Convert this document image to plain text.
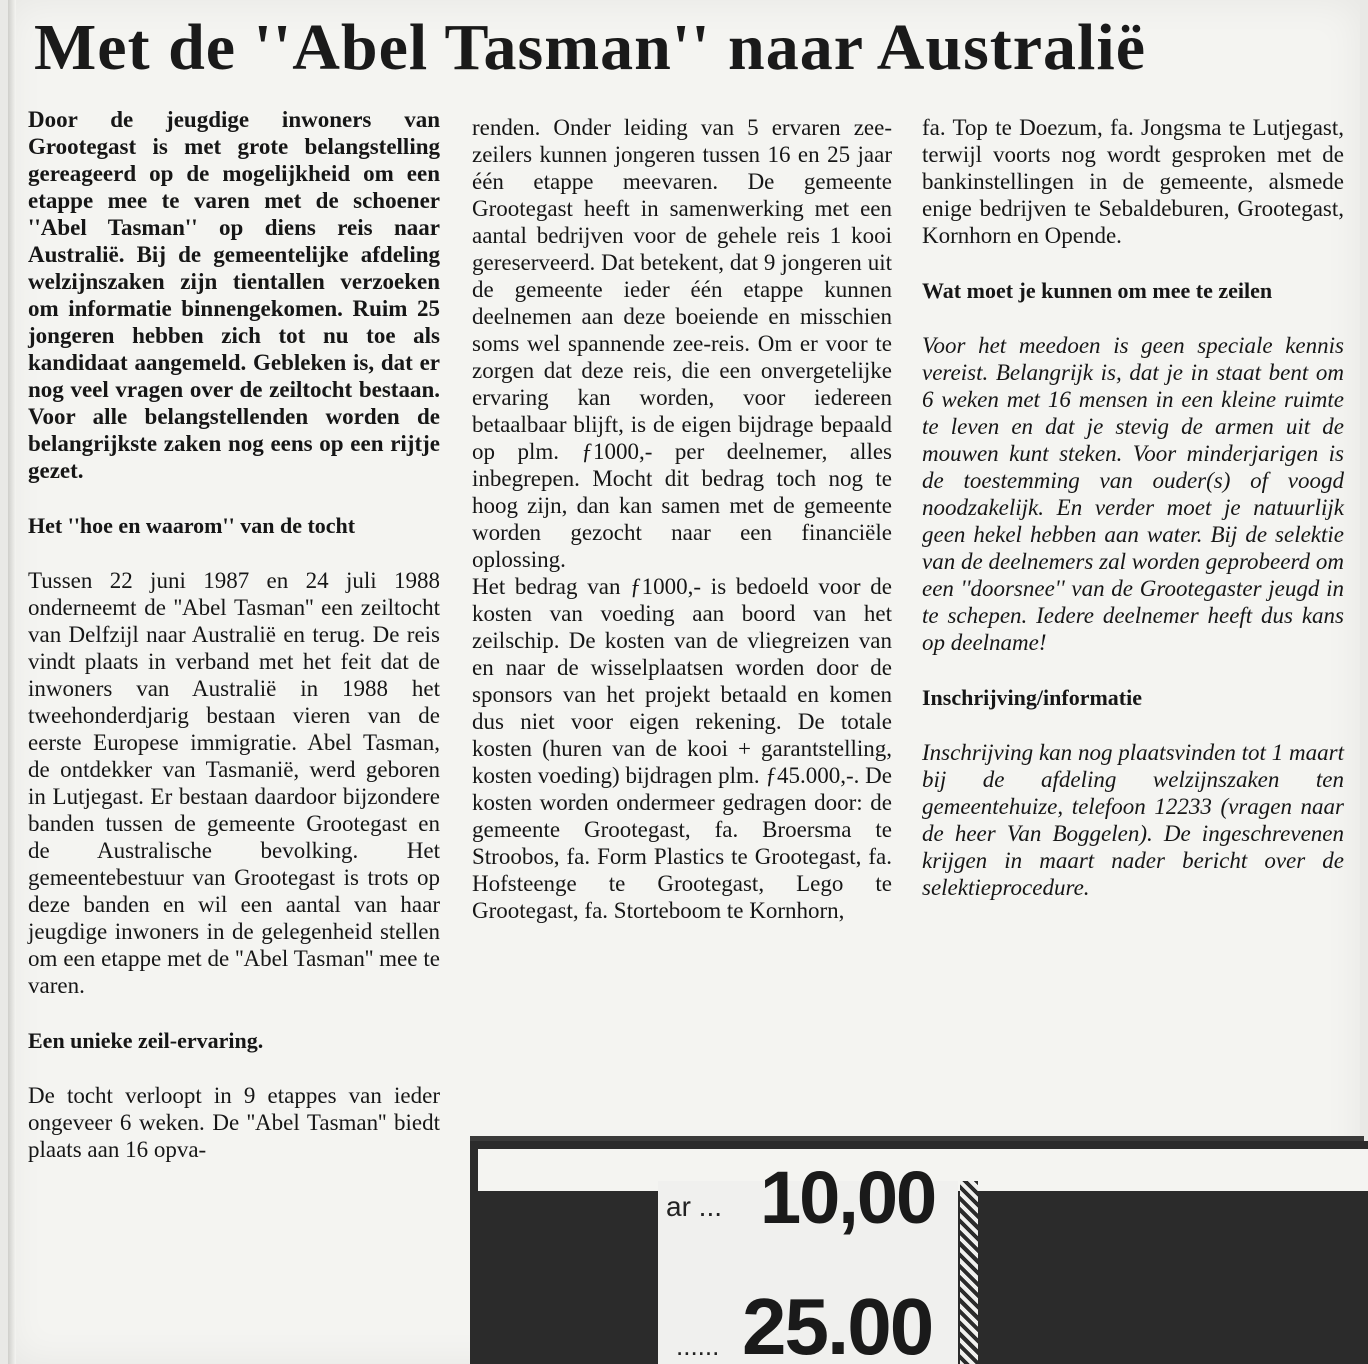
Met de ''Abel Tasman'' naar Australië

Door de jeugdige inwoners van Grootegast is met grote belangstelling gereageerd op de mogelijkheid om een etappe mee te varen met de schoener ''Abel Tasman'' op diens reis naar Australië. Bij de gemeentelijke afdeling welzijnszaken zijn tientallen verzoeken om informatie binnengekomen. Ruim 25 jongeren hebben zich tot nu toe als kandidaat aangemeld. Gebleken is, dat er nog veel vragen over de zeiltocht bestaan. Voor alle belangstellenden worden de belangrijkste zaken nog eens op een rijtje gezet.

Het ''hoe en waarom'' van de tocht

Tussen 22 juni 1987 en 24 juli 1988 onderneemt de ''Abel Tasman'' een zeiltocht van Delfzijl naar Australië en terug. De reis vindt plaats in verband met het feit dat de inwoners van Australië in 1988 het tweehonderdjarig bestaan vieren van de eerste Europese immigratie. Abel Tasman, de ontdekker van Tasmanië, werd geboren in Lutjegast. Er bestaan daardoor bijzondere banden tussen de gemeente Grootegast en de Australische bevolking. Het gemeentebestuur van Grootegast is trots op deze banden en wil een aantal van haar jeugdige inwoners in de gelegenheid stellen om een etappe met de ''Abel Tasman'' mee te varen.

Een unieke zeil-ervaring.

De tocht verloopt in 9 etappes van ieder ongeveer 6 weken. De ''Abel Tasman'' biedt plaats aan 16 opva-

renden. Onder leiding van 5 ervaren zee-zeilers kunnen jongeren tussen 16 en 25 jaar één etappe meevaren. De gemeente Grootegast heeft in samenwerking met een aantal bedrijven voor de gehele reis 1 kooi gereserveerd. Dat betekent, dat 9 jongeren uit de gemeente ieder één etappe kunnen deelnemen aan deze boeiende en misschien soms wel spannende zee-reis. Om er voor te zorgen dat deze reis, die een onvergetelijke ervaring kan worden, voor iedereen betaalbaar blijft, is de eigen bijdrage bepaald op plm. ƒ1000,- per deelnemer, alles inbegrepen. Mocht dit bedrag toch nog te hoog zijn, dan kan samen met de gemeente worden gezocht naar een financiële oplossing.

Het bedrag van ƒ1000,- is bedoeld voor de kosten van voeding aan boord van het zeilschip. De kosten van de vliegreizen van en naar de wisselplaatsen worden door de sponsors van het projekt betaald en komen dus niet voor eigen rekening. De totale kosten (huren van de kooi + garantstelling, kosten voeding) bijdragen plm. ƒ45.000,-. De kosten worden ondermeer gedragen door: de gemeente Grootegast, fa. Broersma te Stroobos, fa. Form Plastics te Grootegast, fa. Hofsteenge te Grootegast, Lego te Grootegast, fa. Storteboom te Kornhorn,

fa. Top te Doezum, fa. Jongsma te Lutjegast, terwijl voorts nog wordt gesproken met de bankinstellingen in de gemeente, alsmede enige bedrijven te Sebaldeburen, Grootegast, Kornhorn en Opende.

Wat moet je kunnen om mee te zeilen

Voor het meedoen is geen speciale kennis vereist. Belangrijk is, dat je in staat bent om 6 weken met 16 mensen in een kleine ruimte te leven en dat je stevig de armen uit de mouwen kunt steken. Voor minderjarigen is de toestemming van ouder(s) of voogd noodzakelijk. En verder moet je natuurlijk geen hekel hebben aan water. Bij de selektie van de deelnemers zal worden geprobeerd om een ''doorsnee'' van de Grootegaster jeugd in te schepen. Iedere deelnemer heeft dus kans op deelname!

Inschrijving/informatie

Inschrijving kan nog plaatsvinden tot 1 maart bij de afdeling welzijnszaken ten gemeentehuize, telefoon 12233 (vragen naar de heer Van Boggelen). De ingeschrevenen krijgen in maart nader bericht over de selektieprocedure.

ar ... 10,00
...... 25.00
